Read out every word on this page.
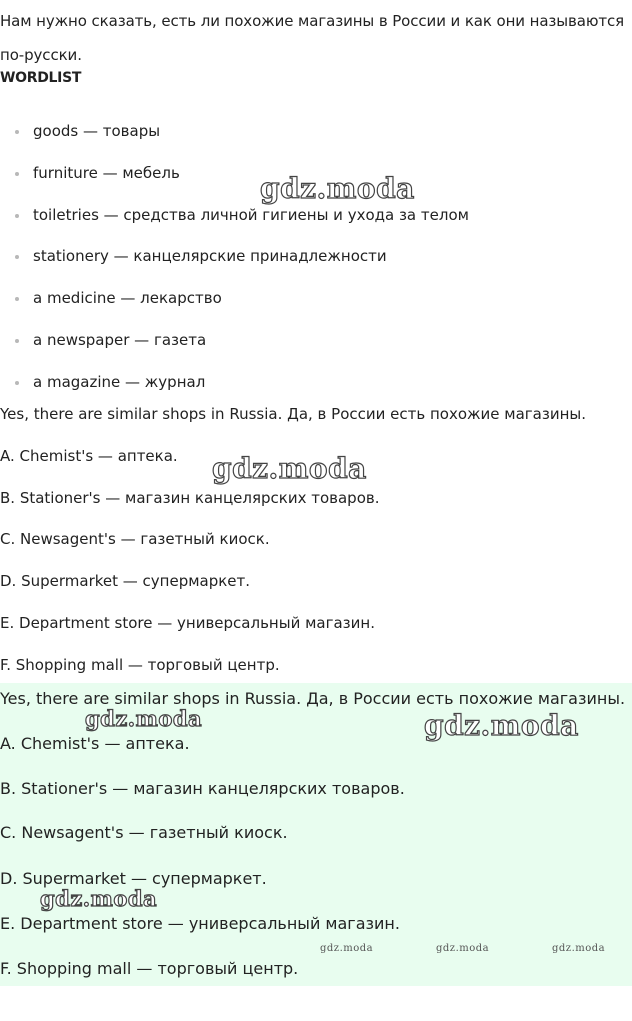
Нам нужно сказать, есть ли похожие магазины в России и как они называются по-русски.
WORDLIST
goods — товары
furniture — мебель
toiletries — средства личной гигиены и ухода за телом
stationery — канцелярские принадлежности
a medicine — лекарство
a newspaper — газета
a magazine — журнал
Yes, there are similar shops in Russia. Да, в России есть похожие магазины.
A. Chemist's — аптека.
B. Stationer's — магазин канцелярских товаров.
C. Newsagent's — газетный киоск.
D. Supermarket — супермаркет.
E. Department store — универсальный магазин.
F. Shopping mall — торговый центр.
Yes, there are similar shops in Russia. Да, в России есть похожие магазины.
A. Chemist's — аптека.
B. Stationer's — магазин канцелярских товаров.
C. Newsagent's — газетный киоск.
D. Supermarket — супермаркет.
E. Department store — универсальный магазин.
F. Shopping mall — торговый центр.
gdz.moda
gdz.moda
gdz.moda	gdz.moda
gdz.moda
gdz.moda	gdz.moda	gdz.moda
